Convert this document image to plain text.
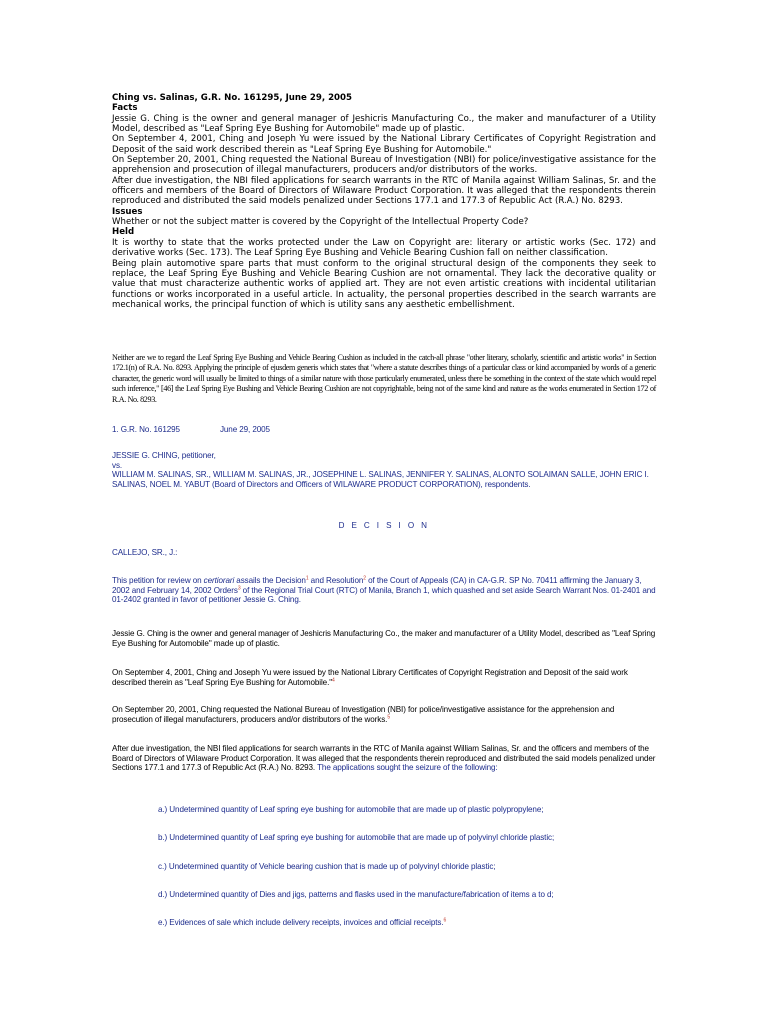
Ching vs. Salinas, G.R. No. 161295, June 29, 2005
Facts

Jessie G. Ching is the owner and general manager of Jeshicris Manufacturing Co., the maker and manufacturer of a Utility Model, described as "Leaf Spring Eye Bushing for Automobile" made up of plastic.

On September 4, 2001, Ching and Joseph Yu were issued by the National Library Certificates of Copyright Registration and Deposit of the said work described therein as "Leaf Spring Eye Bushing for Automobile."

On September 20, 2001, Ching requested the National Bureau of Investigation (NBI) for police/investigative assistance for the apprehension and prosecution of illegal manufacturers, producers and/or distributors of the works.

After due investigation, the NBI filed applications for search warrants in the RTC of Manila against William Salinas, Sr. and the officers and members of the Board of Directors of Wilaware Product Corporation. It was alleged that the respondents therein reproduced and distributed the said models penalized under Sections 177.1 and 177.3 of Republic Act (R.A.) No. 8293.

Issues

Whether or not the subject matter is covered by the Copyright of the Intellectual Property Code?

Held

It is worthy to state that the works protected under the Law on Copyright are: literary or artistic works (Sec. 172) and derivative works (Sec. 173). The Leaf Spring Eye Bushing and Vehicle Bearing Cushion fall on neither classification.

Being plain automotive spare parts that must conform to the original structural design of the components they seek to replace, the Leaf Spring Eye Bushing and Vehicle Bearing Cushion are not ornamental. They lack the decorative quality or value that must characterize authentic works of applied art. They are not even artistic creations with incidental utilitarian functions or works incorporated in a useful article. In actuality, the personal properties described in the search warrants are mechanical works, the principal function of which is utility sans any aesthetic embellishment.

Neither are we to regard the Leaf Spring Eye Bushing and Vehicle Bearing Cushion as included in the catch-all phrase "other literary, scholarly, scientific and artistic works" in Section 172.1(n) of R.A. No. 8293. Applying the principle of ejusdem generis which states that "where a statute describes things of a particular class or kind accompanied by words of a generic character, the generic word will usually be limited to things of a similar nature with those particularly enumerated, unless there be something in the context of the state which would repel such inference," [46] the Leaf Spring Eye Bushing and Vehicle Bearing Cushion are not copyrightable, being not of the same kind and nature as the works enumerated in Section 172 of R.A. No. 8293.

1. G.R. No. 161295	June 29, 2005

JESSIE G. CHING, petitioner,

vs.

WILLIAM M. SALINAS, SR., WILLIAM M. SALINAS, JR., JOSEPHINE L. SALINAS, JENNIFER Y. SALINAS, ALONTO SOLAIMAN SALLE, JOHN ERIC I. SALINAS, NOEL M. YABUT (Board of Directors and Officers of WILAWARE PRODUCT CORPORATION), respondents.

D E C I S I O N
CALLEJO, SR., J.:

This petition for review on certiorari assails the Decision$^1$ and Resolution$^2$ of the Court of Appeals (CA) in CA-G.R. SP No. 70411 affirming the January 3, 2002 and February 14, 2002 Orders$^3$ of the Regional Trial Court (RTC) of Manila, Branch 1, which quashed and set aside Search Warrant Nos. 01-2401 and 01-2402 granted in favor of petitioner Jessie G. Ching.

Jessie G. Ching is the owner and general manager of Jeshicris Manufacturing Co., the maker and manufacturer of a Utility Model, described as "Leaf Spring Eye Bushing for Automobile" made up of plastic.

On September 4, 2001, Ching and Joseph Yu were issued by the National Library Certificates of Copyright Registration and Deposit of the said work described therein as "Leaf Spring Eye Bushing for Automobile."$^4$

On September 20, 2001, Ching requested the National Bureau of Investigation (NBI) for police/investigative assistance for the apprehension and prosecution of illegal manufacturers, producers and/or distributors of the works.$^5$

After due investigation, the NBI filed applications for search warrants in the RTC of Manila against William Salinas, Sr. and the officers and members of the Board of Directors of Wilaware Product Corporation. It was alleged that the respondents therein reproduced and distributed the said models penalized under Sections 177.1 and 177.3 of Republic Act (R.A.) No. 8293. The applications sought the seizure of the following:

a.) Undetermined quantity of Leaf spring eye bushing for automobile that are made up of plastic polypropylene;

b.) Undetermined quantity of Leaf spring eye bushing for automobile that are made up of polyvinyl chloride plastic;

c.) Undetermined quantity of Vehicle bearing cushion that is made up of polyvinyl chloride plastic;

d.) Undetermined quantity of Dies and jigs, patterns and flasks used in the manufacture/fabrication of items a to d;

e.) Evidences of sale which include delivery receipts, invoices and official receipts.$^6$
